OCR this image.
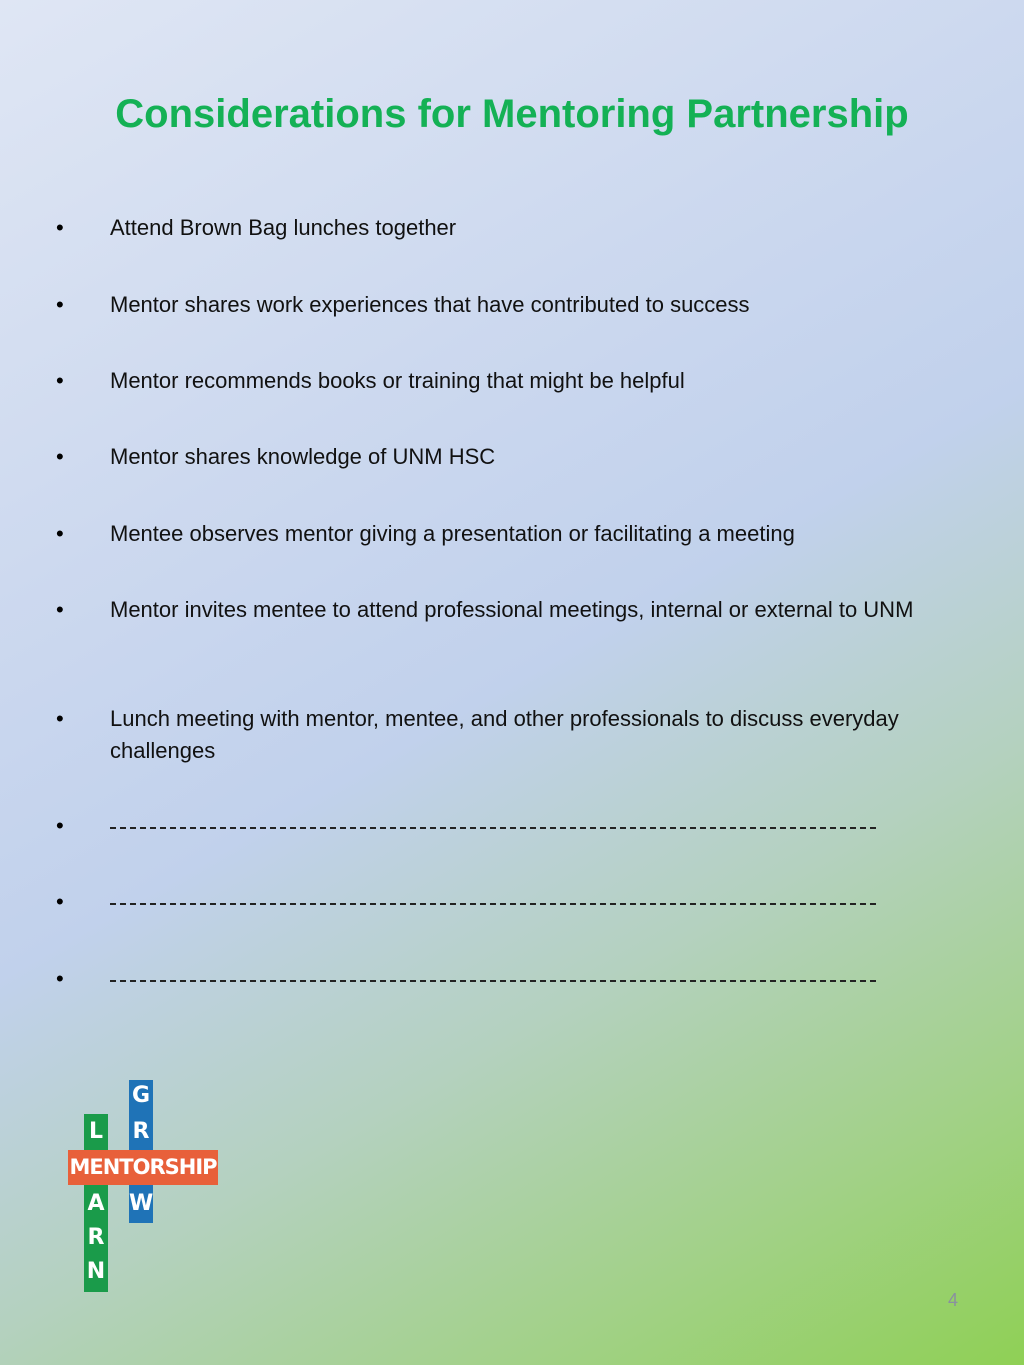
Considerations for Mentoring Partnership
• Attend Brown Bag lunches together
• Mentor shares work experiences that have contributed to success
• Mentor recommends books or training that might be helpful
• Mentor shares knowledge of UNM HSC
• Mentee observes mentor giving a presentation or facilitating a meeting
• Mentor invites mentee to attend professional meetings, internal or external to UNM
• Lunch meeting with mentor, mentee, and other professionals to discuss everyday challenges
•
•
•
L
A
R
N
G
R
W
MENTORSHIP
4
